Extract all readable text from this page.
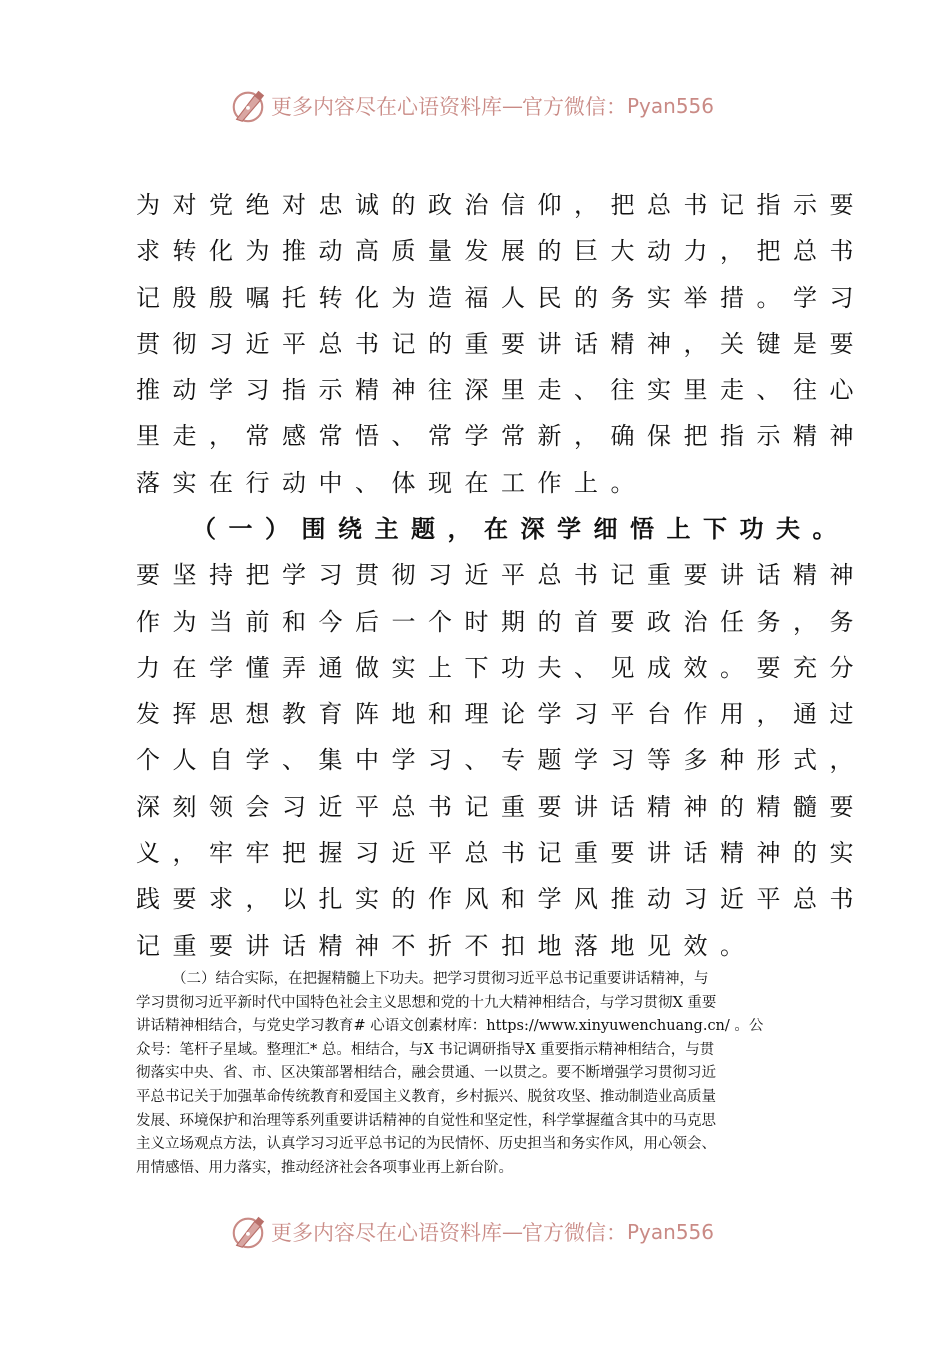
更多内容尽在心语资料库 — 官方微信： Pyan556
为对党绝对忠诚的政治信仰，把总书记指示要
求转化为推动高质量发展的巨大动力，把总书
记殷殷嘱托转化为造福人民的务实举措。学习
贯彻习近平总书记的重要讲话精神，关键是要
推动学习指示精神往深里走、往实里走、往心
里走，常感常悟、常学常新，确保把指示精神
落实在行动中、体现在工作上。
（一）围绕主题，在深学细悟上下功夫。
要坚持把学习贯彻习近平总书记重要讲话精神
作为当前和今后一个时期的首要政治任务，务
力在学懂弄通做实上下功夫、见成效。要充分
发挥思想教育阵地和理论学习平台作用，通过
个人自学、集中学习、专题学习等多种形式，
深刻领会习近平总书记重要讲话精神的精髓要
义，牢牢把握习近平总书记重要讲话精神的实
践要求，以扎实的作风和学风推动习近平总书
记重要讲话精神不折不扣地落地见效。
（二）结合实际，在把握精髓上下功夫。把学习贯彻习近平总书记重要讲话精神，与
学习贯彻习近平新时代中国特色社会主义思想和党的十九大精神相结合，与学习贯彻X 重要
讲话精神相结合，与党史学习教育# 心语文创素材库：https://www.xinyuwenchuang.cn/ 。公
众号：笔杆子星域。整理汇* 总。相结合，与X 书记调研指导X 重要指示精神相结合，与贯
彻落实中央、省、市、区决策部署相结合，融会贯通、一以贯之。要不断增强学习贯彻习近
平总书记关于加强革命传统教育和爱国主义教育，乡村振兴、脱贫攻坚、推动制造业高质量
发展、环境保护和治理等系列重要讲话精神的自觉性和坚定性，科学掌握蕴含其中的马克思
主义立场观点方法，认真学习习近平总书记的为民情怀、历史担当和务实作风，用心领会、
用情感悟、用力落实，推动经济社会各项事业再上新台阶。
更多内容尽在心语资料库 — 官方微信： Pyan556
